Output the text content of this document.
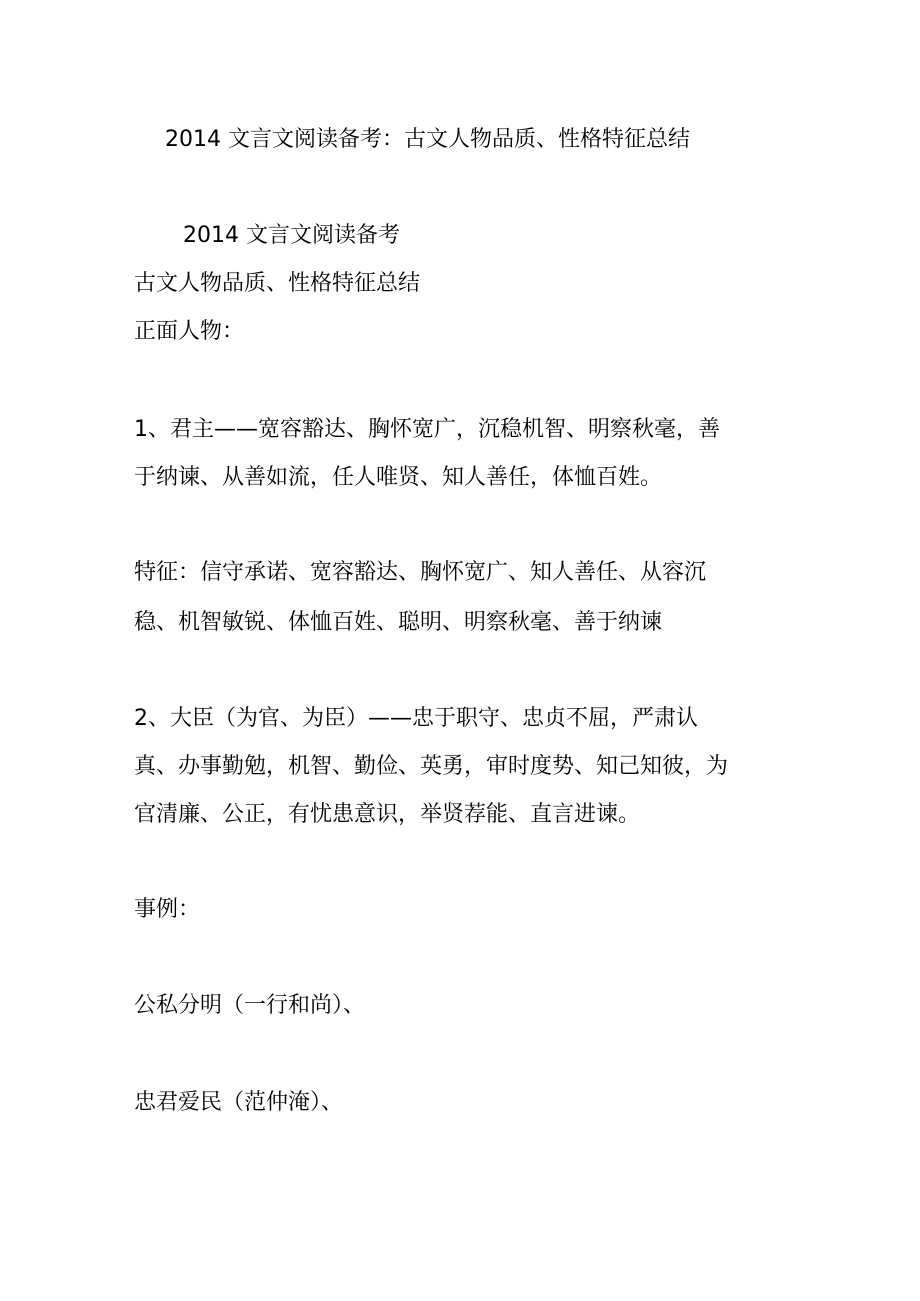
2014 文言文阅读备考：古文人物品质、性格特征总结
2014 文言文阅读备考
古文人物品质、性格特征总结
正面人物：
1、君主——宽容豁达、胸怀宽广，沉稳机智、明察秋毫，善
于纳谏、从善如流，任人唯贤、知人善任，体恤百姓。
特征：信守承诺、宽容豁达、胸怀宽广、知人善任、从容沉
稳、机智敏锐、体恤百姓、聪明、明察秋毫、善于纳谏
2、大臣（为官、为臣）——忠于职守、忠贞不屈，严肃认
真、办事勤勉，机智、勤俭、英勇，审时度势、知己知彼，为
官清廉、公正，有忧患意识，举贤荐能、直言进谏。
事例：
公私分明（一行和尚）、
忠君爱民（范仲淹）、
